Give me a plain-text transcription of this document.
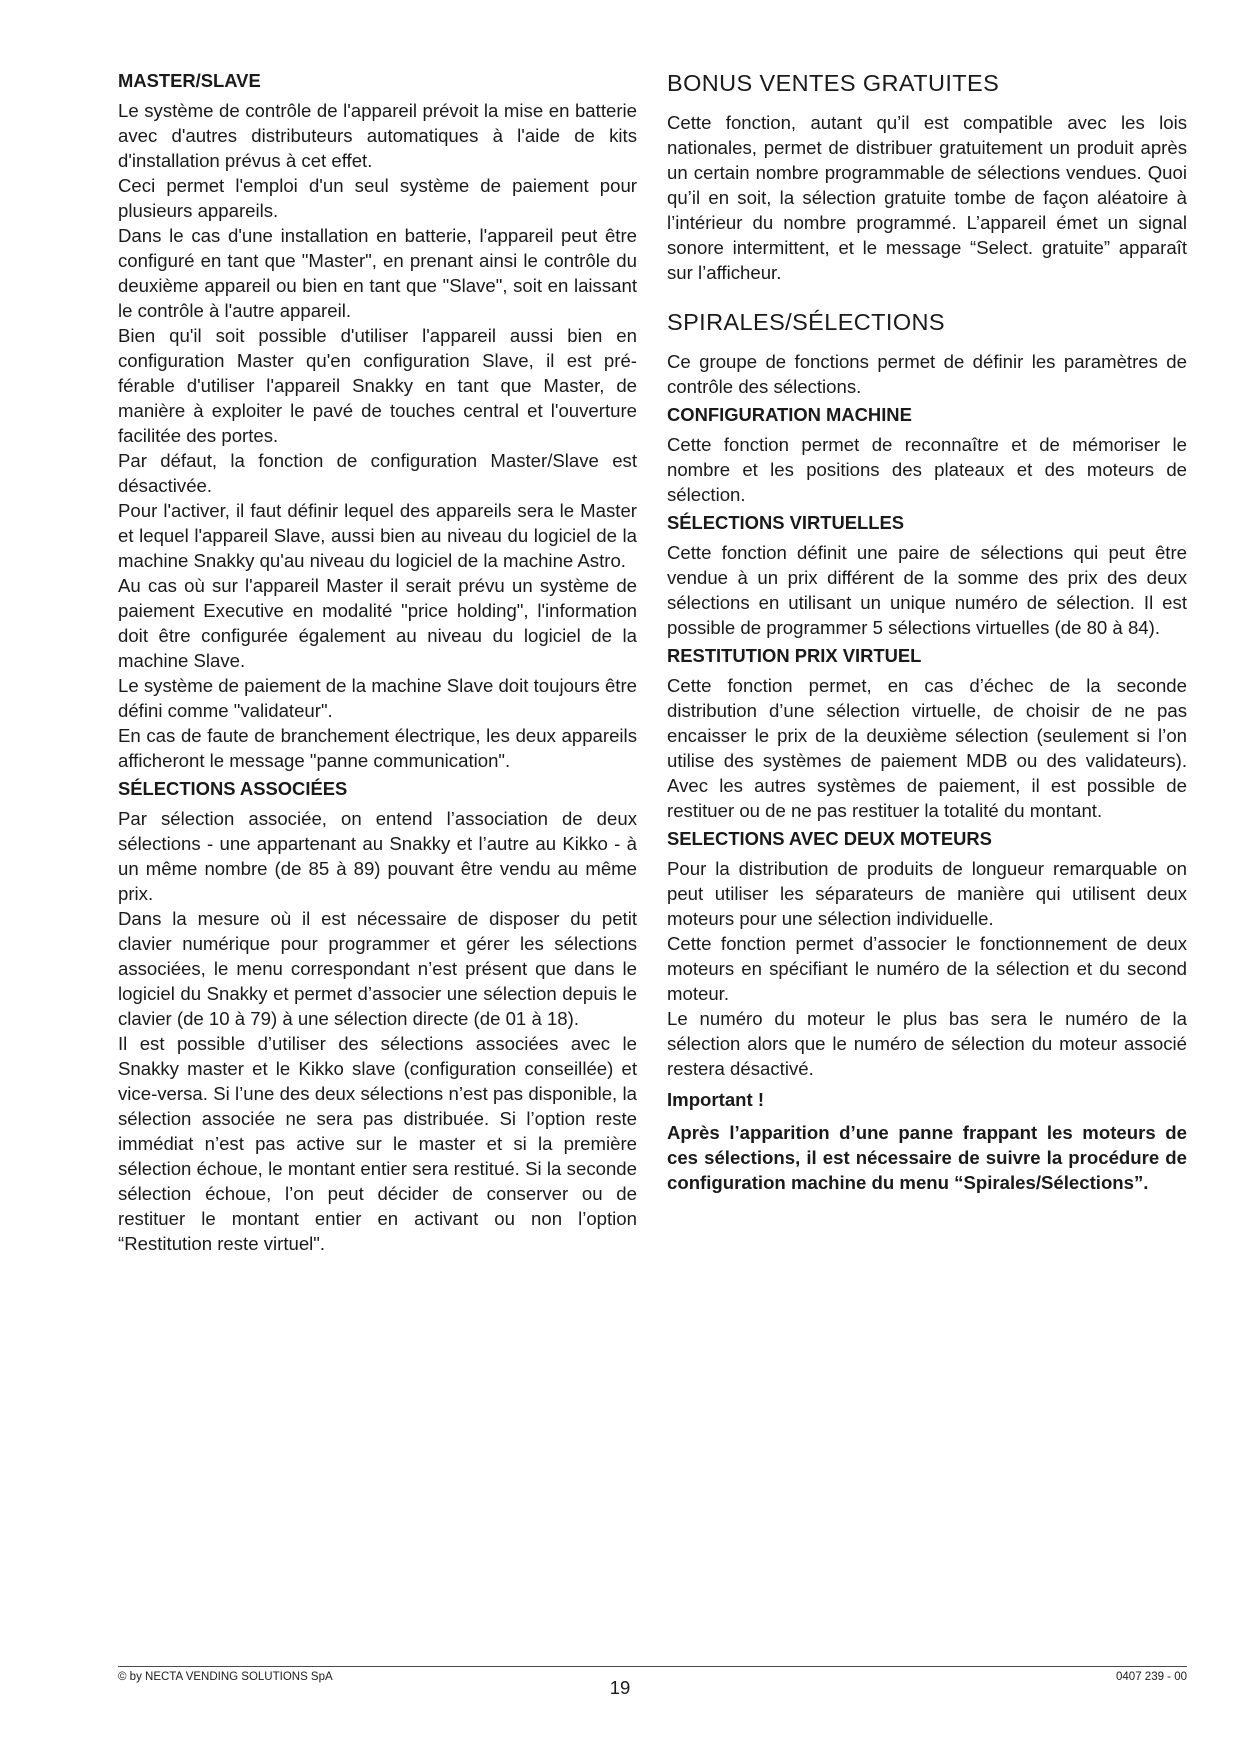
MASTER/SLAVE

Le système de contrôle de l'appareil prévoit la mise en batterie avec d'autres distributeurs automatiques à l'aide de kits d'installation prévus à cet effet.

Ceci permet l'emploi d'un seul système de paiement pour plusieurs appareils.

Dans le cas d'une installation en batterie, l'appareil peut être configuré en tant que "Master", en prenant ainsi le contrôle du deuxième appareil ou bien en tant que "Slave", soit en laissant le contrôle à l'autre appareil.

Bien qu'il soit possible d'utiliser l'appareil aussi bien en configuration Master qu'en configuration Slave, il est préférable d'utiliser l'appareil Snakky en tant que Master, de manière à exploiter le pavé de touches central et l'ouverture facilitée des portes.

Par défaut, la fonction de configuration Master/Slave est désactivée.

Pour l'activer, il faut définir lequel des appareils sera le Master et lequel l'appareil Slave, aussi bien au niveau du logiciel de la machine Snakky qu'au niveau du logiciel de la machine Astro.

Au cas où sur l'appareil Master il serait prévu un système de paiement Executive en modalité "price holding", l'information doit être configurée également au niveau du logiciel de la machine Slave.

Le système de paiement de la machine Slave doit toujours être défini comme "validateur".

En cas de faute de branchement électrique, les deux appareils afficheront le message "panne communication".

SÉLECTIONS ASSOCIÉES

Par sélection associée, on entend l’association de deux sélections - une appartenant au Snakky et l’autre au Kikko - à un même nombre (de 85 à 89) pouvant être vendu au même prix.

Dans la mesure où il est nécessaire de disposer du petit clavier numérique pour programmer et gérer les sélections associées, le menu correspondant n’est présent que dans le logiciel du Snakky et permet d’associer une sélection depuis le clavier (de 10 à 79) à une sélection directe (de 01 à 18).

Il est possible d’utiliser des sélections associées avec le Snakky master et le Kikko slave (configuration conseillée) et vice-versa. Si l’une des deux sélections n’est pas disponible, la sélection associée ne sera pas distribuée. Si l’option reste immédiat n’est pas active sur le master et si la première sélection échoue, le montant entier sera restitué. Si la seconde sélection échoue, l’on peut décider de conserver ou de restituer le montant entier en activant ou non l’option “Restitution reste virtuel".

BONUS VENTES GRATUITES

Cette fonction, autant qu’il est compatible avec les lois nationales, permet de distribuer gratuitement un produit après un certain nombre programmable de sélections vendues. Quoi qu’il en soit, la sélection gratuite tombe de façon aléatoire à l’intérieur du nombre programmé. L’appareil émet un signal sonore intermittent, et le message “Select. gratuite” apparaît sur l’afficheur.

SPIRALES/SÉLECTIONS

Ce groupe de fonctions permet de définir les paramètres de contrôle des sélections.

CONFIGURATION MACHINE

Cette fonction permet de reconnaître et de mémoriser le nombre et les positions des plateaux et des moteurs de sélection.

SÉLECTIONS VIRTUELLES

Cette fonction définit une paire de sélections qui peut être vendue à un prix différent de la somme des prix des deux sélections en utilisant un unique numéro de sélection. Il est possible de programmer 5 sélections virtuelles (de 80 à 84).

RESTITUTION PRIX VIRTUEL

Cette fonction permet, en cas d’échec de la seconde distribution d’une sélection virtuelle, de choisir de ne pas encaisser le prix de la deuxième sélection (seulement si l’on utilise des systèmes de paiement MDB ou des validateurs). Avec les autres systèmes de paiement, il est possible de restituer ou de ne pas restituer la totalité du montant.

SELECTIONS AVEC DEUX MOTEURS

Pour la distribution de produits de longueur remarquable on peut utiliser les séparateurs de manière qui utilisent deux moteurs pour une sélection individuelle.

Cette fonction permet d’associer le fonctionnement de deux moteurs en spécifiant le numéro de la sélection et du second moteur.

Le numéro du moteur le plus bas sera le numéro de la sélection alors que le numéro de sélection du moteur associé restera désactivé.

Important !

Après l’apparition d’une panne frappant les moteurs de ces sélections, il est nécessaire de suivre la procédure de configuration machine du menu “Spirales/Sélections”.

© by NECTA VENDING SOLUTIONS SpA	19	0407 239 - 00
